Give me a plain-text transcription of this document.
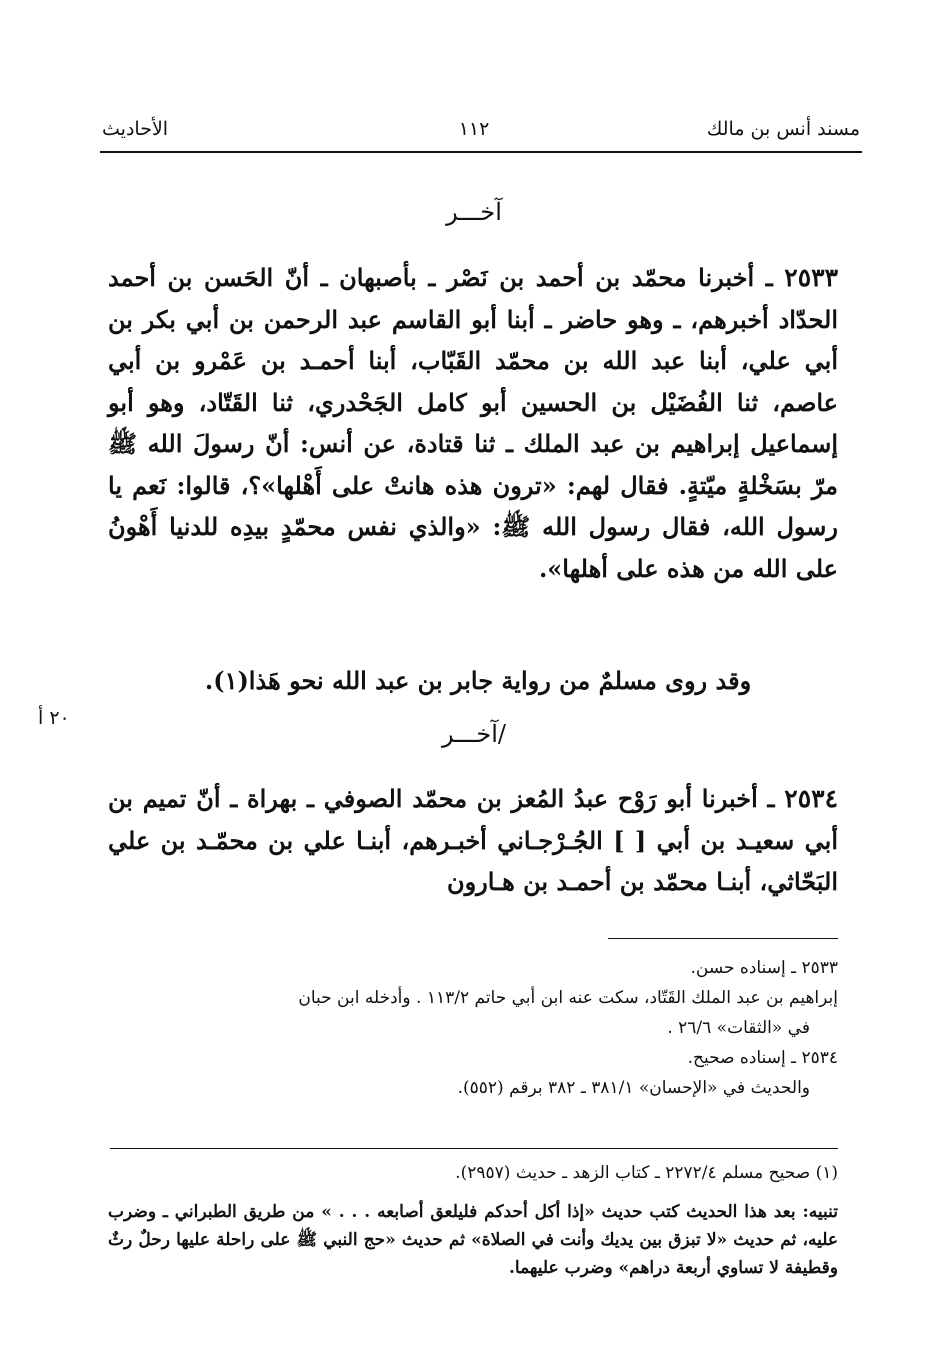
مسند أنس بن مالك
١١٢
الأحاديث
آخـــر
٢٥٣٣ ـ أخبرنا محمّد بن أحمد بن نَصْر ـ بأصبهان ـ أنّ الحَسن بن أحمد الحدّاد أخبرهم، ـ وهو حاضر ـ أبنا أبو القاسم عبد الرحمن بن أبي بكر بن أبي علي، أبنا عبد الله بن محمّد القَبّاب، أبنا أحمـد بن عَمْرو بن أبي عاصم، ثنا الفُضَيْل بن الحسين أبو كامل الجَحْدري، ثنا القَتّاد، وهو أبو إسماعيل إبراهيم بن عبد الملك ـ ثنا قتادة، عن أنس: أنّ رسولَ الله ﷺ مرّ بسَخْلةٍ ميّتةٍ. فقال لهم: «ترون هذه هانتْ على أَهْلها»؟، قالوا: نَعم يا رسول الله، فقال رسول الله ﷺ: «والذي نفس محمّدٍ بيدِه للدنيا أَهْونُ على الله من هذه على أهلها».
وقد روى مسلمٌ من رواية جابر بن عبد الله نحو هَذا(١).
٢٠ أ
/آخـــر
٢٥٣٤ ـ أخبرنا أبو رَوْح عبدُ المُعز بن محمّد الصوفي ـ بهراة ـ أنّ تميم بن أبي سعيـد بن أبي [ ] الجُـرْجـاني أخبـرهم، أبنـا علي بن محمّـد بن علي البَحّاثي، أبنـا محمّد بن أحمـد بن هـارون
٢٥٣٣ ـ إسناده حسن.
إبراهيم بن عبد الملك القَتّاد، سكت عنه ابن أبي حاتم ١١٣/٢ . وأدخله ابن حبان
في «الثقات» ٢٦/٦ .
٢٥٣٤ ـ إسناده صحيح.
والحديث في «الإحسان» ٣٨١/١ ـ ٣٨٢ برقم (٥٥٢).
(١) صحيح مسلم ٢٢٧٢/٤ ـ كتاب الزهد ـ حديث (٢٩٥٧).
تنبيه: بعد هذا الحديث كتب حديث «إذا أكل أحدكم فليلعق أصابعه . . . » من طريق الطبراني ـ وضرب عليه، ثم حديث «لا تبزق بين يديك وأنت في الصلاة» ثم حديث «حج النبي ﷺ على راحلة عليها رحلٌ رثٌ وقطيفة لا تساوي أربعة دراهم» وضرب عليهما.
